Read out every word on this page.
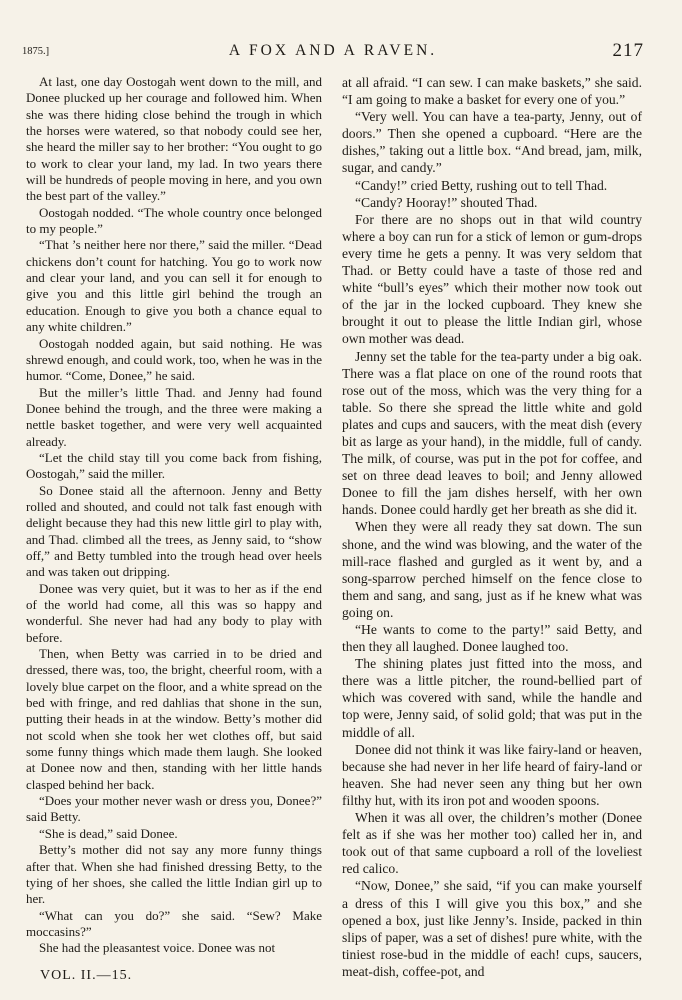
1875.]	A FOX AND A RAVEN.	217

At last, one day Oostogah went down to the mill, and Donee plucked up her courage and followed him. When she was there hiding close behind the trough in which the horses were watered, so that nobody could see her, she heard the miller say to her brother: “You ought to go to work to clear your land, my lad. In two years there will be hundreds of people moving in here, and you own the best part of the valley.”

Oostogah nodded. “The whole country once belonged to my people.”

“That ’s neither here nor there,” said the miller. “Dead chickens don’t count for hatching. You go to work now and clear your land, and you can sell it for enough to give you and this little girl behind the trough an education. Enough to give you both a chance equal to any white children.”

Oostogah nodded again, but said nothing. He was shrewd enough, and could work, too, when he was in the humor. “Come, Donee,” he said.

But the miller’s little Thad. and Jenny had found Donee behind the trough, and the three were making a nettle basket together, and were very well acquainted already.

“Let the child stay till you come back from fishing, Oostogah,” said the miller.

So Donee staid all the afternoon. Jenny and Betty rolled and shouted, and could not talk fast enough with delight because they had this new little girl to play with, and Thad. climbed all the trees, as Jenny said, to “show off,” and Betty tumbled into the trough head over heels and was taken out dripping.

Donee was very quiet, but it was to her as if the end of the world had come, all this was so happy and wonderful. She never had had any body to play with before.

Then, when Betty was carried in to be dried and dressed, there was, too, the bright, cheerful room, with a lovely blue carpet on the floor, and a white spread on the bed with fringe, and red dahlias that shone in the sun, putting their heads in at the window. Betty’s mother did not scold when she took her wet clothes off, but said some funny things which made them laugh. She looked at Donee now and then, standing with her little hands clasped behind her back.

“Does your mother never wash or dress you, Donee?” said Betty.

“She is dead,” said Donee.

Betty’s mother did not say any more funny things after that. When she had finished dressing Betty, to the tying of her shoes, she called the little Indian girl up to her.

“What can you do?” she said. “Sew? Make moccasins?”

She had the pleasantest voice. Donee was not

at all afraid. “I can sew. I can make baskets,” she said. “I am going to make a basket for every one of you.”

“Very well. You can have a tea-party, Jenny, out of doors.” Then she opened a cupboard. “Here are the dishes,” taking out a little box. “And bread, jam, milk, sugar, and candy.”

“Candy!” cried Betty, rushing out to tell Thad.

“Candy? Hooray!” shouted Thad.

For there are no shops out in that wild country where a boy can run for a stick of lemon or gum-drops every time he gets a penny. It was very seldom that Thad. or Betty could have a taste of those red and white “bull’s eyes” which their mother now took out of the jar in the locked cupboard. They knew she brought it out to please the little Indian girl, whose own mother was dead.

Jenny set the table for the tea-party under a big oak. There was a flat place on one of the round roots that rose out of the moss, which was the very thing for a table. So there she spread the little white and gold plates and cups and saucers, with the meat dish (every bit as large as your hand), in the middle, full of candy. The milk, of course, was put in the pot for coffee, and set on three dead leaves to boil; and Jenny allowed Donee to fill the jam dishes herself, with her own hands. Donee could hardly get her breath as she did it.

When they were all ready they sat down. The sun shone, and the wind was blowing, and the water of the mill-race flashed and gurgled as it went by, and a song-sparrow perched himself on the fence close to them and sang, and sang, just as if he knew what was going on.

“He wants to come to the party!” said Betty, and then they all laughed. Donee laughed too.

The shining plates just fitted into the moss, and there was a little pitcher, the round-bellied part of which was covered with sand, while the handle and top were, Jenny said, of solid gold; that was put in the middle of all.

Donee did not think it was like fairy-land or heaven, because she had never in her life heard of fairy-land or heaven. She had never seen any thing but her own filthy hut, with its iron pot and wooden spoons.

When it was all over, the children’s mother (Donee felt as if she was her mother too) called her in, and took out of that same cupboard a roll of the loveliest red calico.

“Now, Donee,” she said, “if you can make yourself a dress of this I will give you this box,” and she opened a box, just like Jenny’s. Inside, packed in thin slips of paper, was a set of dishes! pure white, with the tiniest rose-bud in the middle of each! cups, saucers, meat-dish, coffee-pot, and

VOL. II.—15.
